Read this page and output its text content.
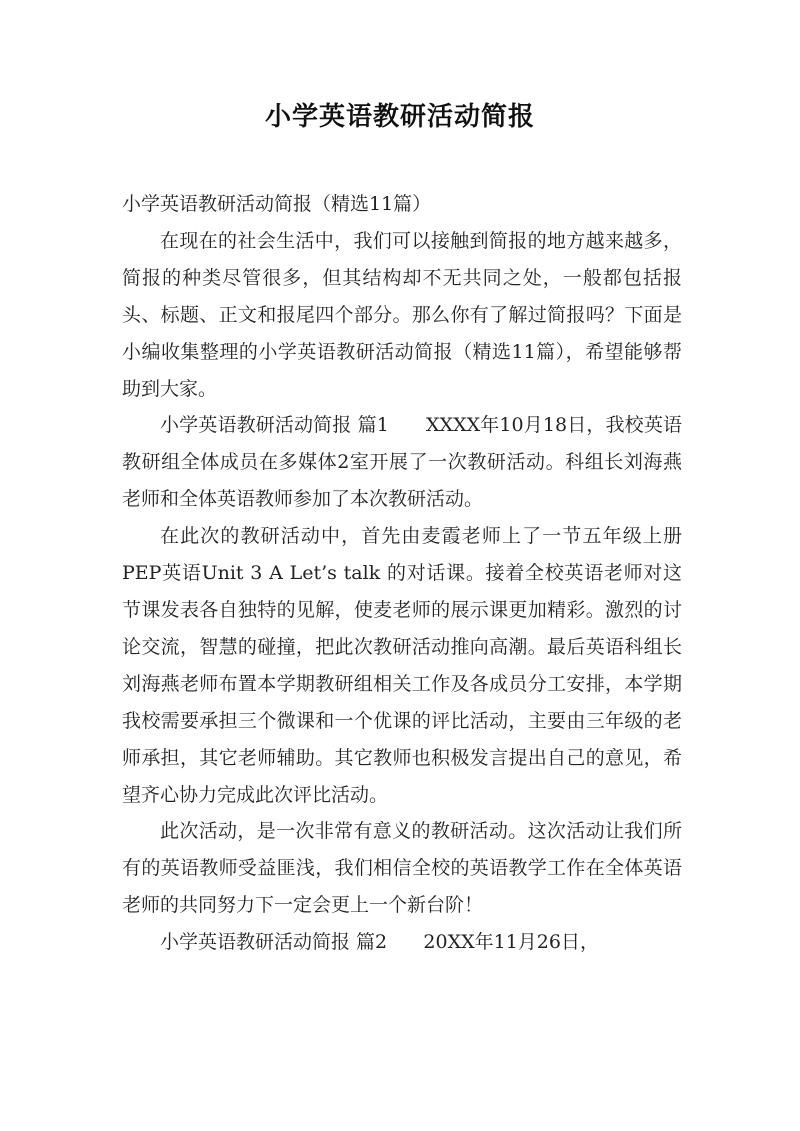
小学英语教研活动简报

小学英语教研活动简报（精选11篇）

在现在的社会生活中，我们可以接触到简报的地方越来越多，简报的种类尽管很多，但其结构却不无共同之处，一般都包括报头、标题、正文和报尾四个部分。那么你有了解过简报吗？下面是小编收集整理的小学英语教研活动简报（精选11篇），希望能够帮助到大家。

小学英语教研活动简报 篇1 XXXX年10月18日，我校英语教研组全体成员在多媒体2室开展了一次教研活动。科组长刘海燕老师和全体英语教师参加了本次教研活动。

在此次的教研活动中，首先由麦霞老师上了一节五年级上册PEP英语Unit 3 A Let’s talk 的对话课。接着全校英语老师对这节课发表各自独特的见解，使麦老师的展示课更加精彩。激烈的讨论交流，智慧的碰撞，把此次教研活动推向高潮。最后英语科组长刘海燕老师布置本学期教研组相关工作及各成员分工安排，本学期我校需要承担三个微课和一个优课的评比活动，主要由三年级的老师承担，其它老师辅助。其它教师也积极发言提出自己的意见，希望齐心协力完成此次评比活动。

此次活动，是一次非常有意义的教研活动。这次活动让我们所有的英语教师受益匪浅，我们相信全校的英语教学工作在全体英语老师的共同努力下一定会更上一个新台阶！

小学英语教研活动简报 篇2 20XX年11月26日，
